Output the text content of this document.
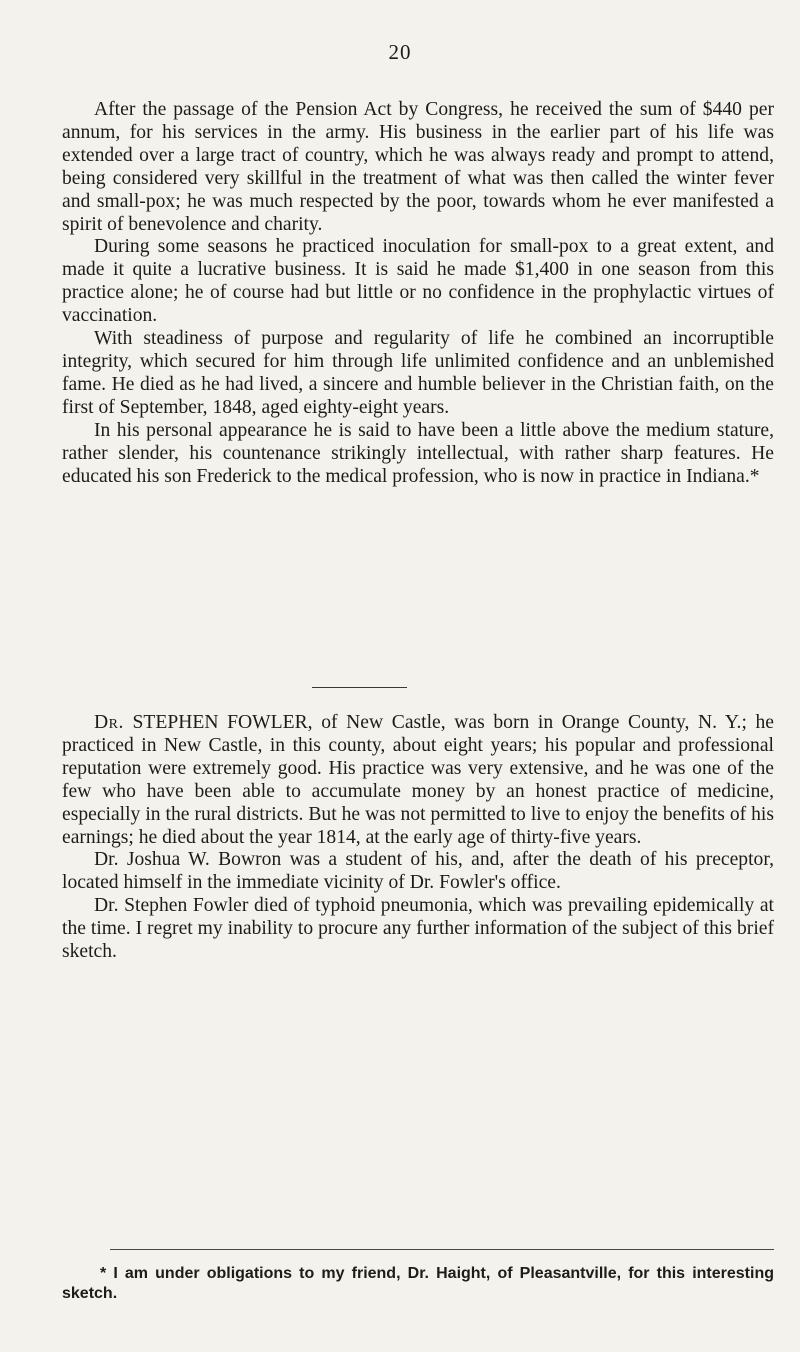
20

After the passage of the Pension Act by Congress, he received the sum of $440 per annum, for his services in the army. His business in the earlier part of his life was extended over a large tract of country, which he was always ready and prompt to attend, being considered very skillful in the treatment of what was then called the winter fever and small-pox; he was much respected by the poor, towards whom he ever manifested a spirit of benevolence and charity.

During some seasons he practiced inoculation for small-pox to a great extent, and made it quite a lucrative business. It is said he made $1,400 in one season from this practice alone; he of course had but little or no confidence in the prophylactic virtues of vaccination.

With steadiness of purpose and regularity of life he combined an incorruptible integrity, which secured for him through life unlimited confidence and an unblemished fame. He died as he had lived, a sincere and humble believer in the Christian faith, on the first of September, 1848, aged eighty-eight years.

In his personal appearance he is said to have been a little above the medium stature, rather slender, his countenance strikingly intellectual, with rather sharp features. He educated his son Frederick to the medical profession, who is now in practice in Indiana.*

Dr. STEPHEN FOWLER, of New Castle, was born in Orange County, N. Y.; he practiced in New Castle, in this county, about eight years; his popular and professional reputation were extremely good. His practice was very extensive, and he was one of the few who have been able to accumulate money by an honest practice of medicine, especially in the rural districts. But he was not permitted to live to enjoy the benefits of his earnings; he died about the year 1814, at the early age of thirty-five years.

Dr. Joshua W. Bowron was a student of his, and, after the death of his preceptor, located himself in the immediate vicinity of Dr. Fowler's office.

Dr. Stephen Fowler died of typhoid pneumonia, which was prevailing epidemically at the time. I regret my inability to procure any further information of the subject of this brief sketch.

* I am under obligations to my friend, Dr. Haight, of Pleasantville, for this interesting sketch.
